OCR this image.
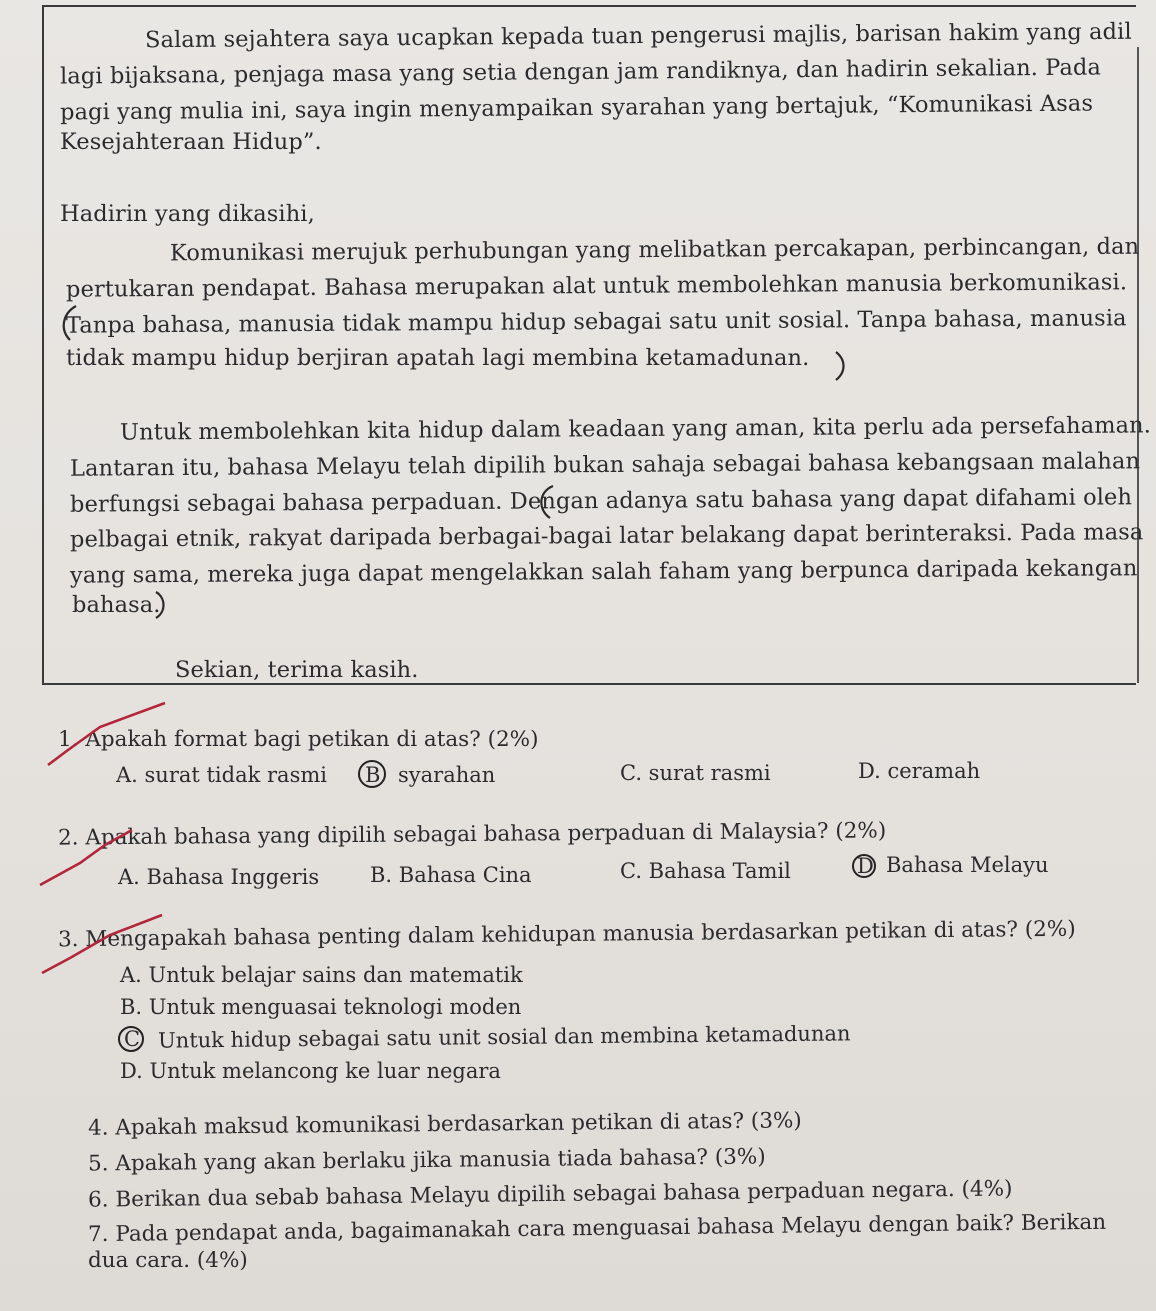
Salam sejahtera saya ucapkan kepada tuan pengerusi majlis, barisan hakim yang adil
lagi bijaksana, penjaga masa yang setia dengan jam randiknya, dan hadirin sekalian. Pada
pagi yang mulia ini, saya ingin menyampaikan syarahan yang bertajuk, “Komunikasi Asas
Kesejahteraan Hidup”.
Hadirin yang dikasihi,
Komunikasi merujuk perhubungan yang melibatkan percakapan, perbincangan, dan
pertukaran pendapat. Bahasa merupakan alat untuk membolehkan manusia berkomunikasi.
Tanpa bahasa, manusia tidak mampu hidup sebagai satu unit sosial. Tanpa bahasa, manusia
tidak mampu hidup berjiran apatah lagi membina ketamadunan.
Untuk membolehkan kita hidup dalam keadaan yang aman, kita perlu ada persefahaman.
Lantaran itu, bahasa Melayu telah dipilih bukan sahaja sebagai bahasa kebangsaan malahan
berfungsi sebagai bahasa perpaduan. Dengan adanya satu bahasa yang dapat difahami oleh
pelbagai etnik, rakyat daripada berbagai-bagai latar belakang dapat berinteraksi. Pada masa
yang sama, mereka juga dapat mengelakkan salah faham yang berpunca daripada kekangan
bahasa.
Sekian, terima kasih.
1. Apakah format bagi petikan di atas? (2%)
A. surat tidak rasmi B syarahan	C. surat rasmi	D. ceramah
2. Apakah bahasa yang dipilih sebagai bahasa perpaduan di Malaysia? (2%)
A. Bahasa Inggeris B. Bahasa Cina	C. Bahasa Tamil	D Bahasa Melayu
3. Mengapakah bahasa penting dalam kehidupan manusia berdasarkan petikan di atas? (2%)
A. Untuk belajar sains dan matematik
B. Untuk menguasai teknologi moden
C Untuk hidup sebagai satu unit sosial dan membina ketamadunan
D. Untuk melancong ke luar negara
4. Apakah maksud komunikasi berdasarkan petikan di atas? (3%)
5. Apakah yang akan berlaku jika manusia tiada bahasa? (3%)
6. Berikan dua sebab bahasa Melayu dipilih sebagai bahasa perpaduan negara. (4%)
7. Pada pendapat anda, bagaimanakah cara menguasai bahasa Melayu dengan baik? Berikan
dua cara. (4%)
